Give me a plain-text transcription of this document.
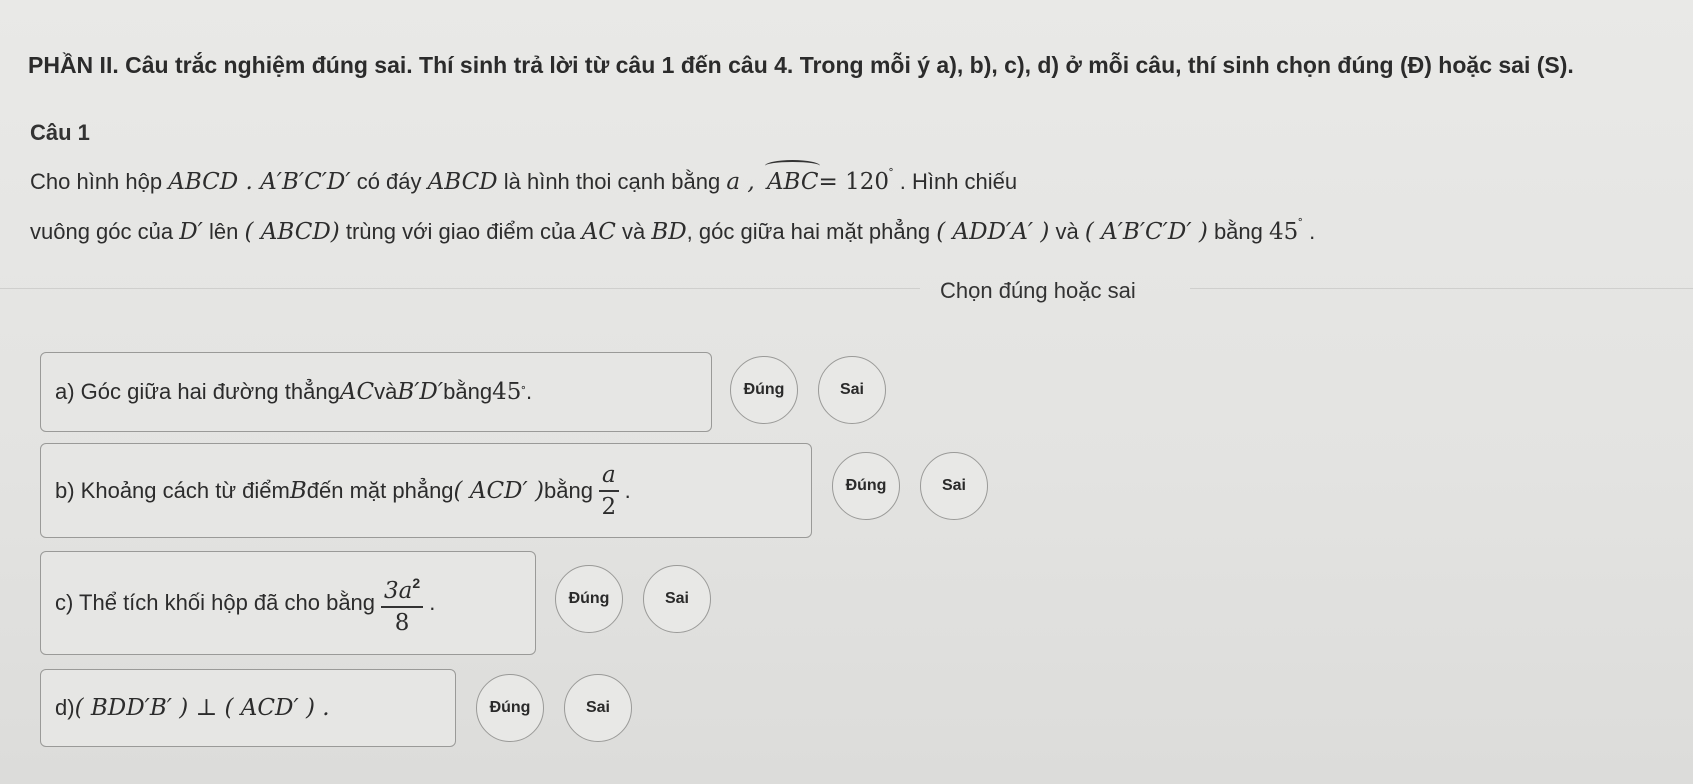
PHẦN II. Câu trắc nghiệm đúng sai. Thí sinh trả lời từ câu 1 đến câu 4. Trong mỗi ý a), b), c), d) ở mỗi câu, thí sinh chọn đúng (Đ) hoặc sai (S).
Câu 1
Cho hình hộp ABCD . A′B′C′D′ có đáy ABCD là hình thoi cạnh bằng a , ABC= 120˚ . Hình chiếu
vuông góc của D′ lên ( ABCD) trùng với giao điểm của AC và BD, góc giữa hai mặt phẳng ( ADD′A′ ) và ( A′B′C′D′ ) bằng 45˚ .
Chọn đúng hoặc sai
a) Góc giữa hai đường thẳng AC và B′D′ bằng 45 ˚ .	Đúng	Sai
b) Khoảng cách từ điểm B đến mặt phẳng ( ACD′ ) bằng $\frac{a}{2}$ .	Đúng	Sai
c) Thể tích khối hộp đã cho bằng $\frac{3a^2}{8}$ .	Đúng	Sai
d) ( BDD′B′ ) ⊥ ( ACD′ ) .	Đúng	Sai
